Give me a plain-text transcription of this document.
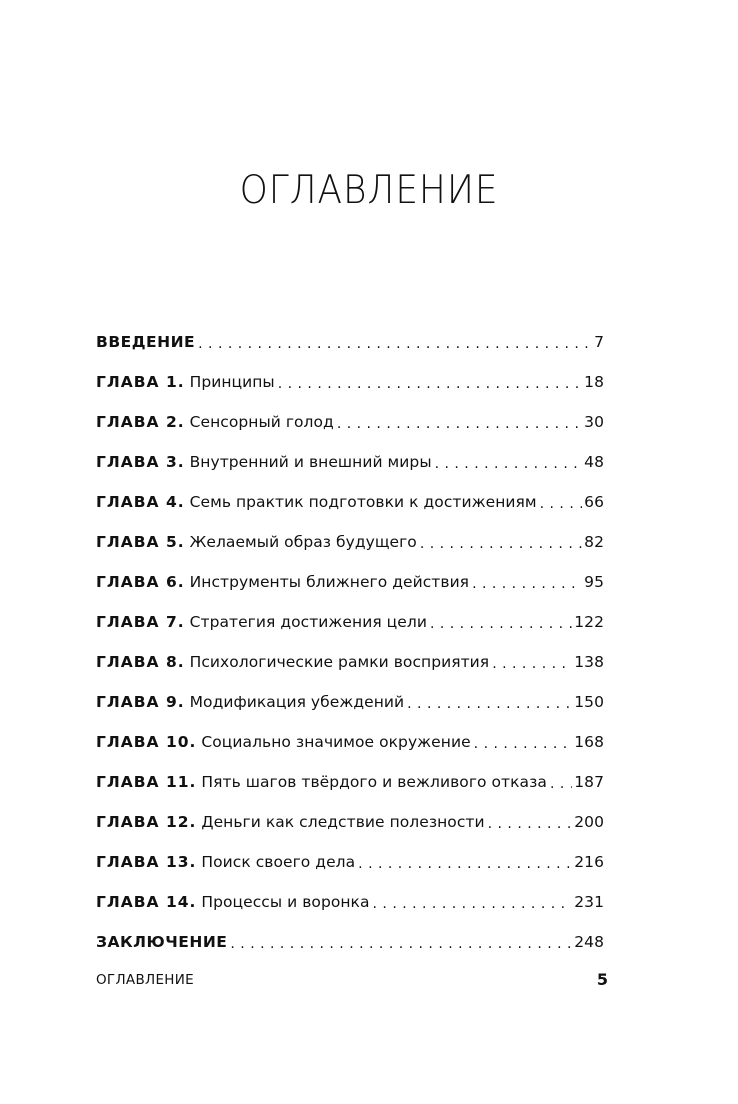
ОГЛАВЛЕНИЕ
ВВЕДЕНИЕ . . .	7
ГЛАВА 1. Принципы . . .	18
ГЛАВА 2. Сенсорный голод . . .	30
ГЛАВА 3. Внутренний и внешний миры . . .	48
ГЛАВА 4. Семь практик подготовки к достижениям . . .	66
ГЛАВА 5. Желаемый образ будущего . . .	82
ГЛАВА 6. Инструменты ближнего действия . . .	95
ГЛАВА 7. Стратегия достижения цели . . .	122
ГЛАВА 8. Психологические рамки восприятия . . .	138
ГЛАВА 9. Модификация убеждений . . .	150
ГЛАВА 10. Социально значимое окружение . . .	168
ГЛАВА 11. Пять шагов твёрдого и вежливого отказа . . . 187
ГЛАВА 12. Деньги как следствие полезности . . .	200
ГЛАВА 13. Поиск своего дела . . .	216
ГЛАВА 14. Процессы и воронка . . .	231
ЗАКЛЮЧЕНИЕ . . .	248
ОГЛАВЛЕНИЕ	5
